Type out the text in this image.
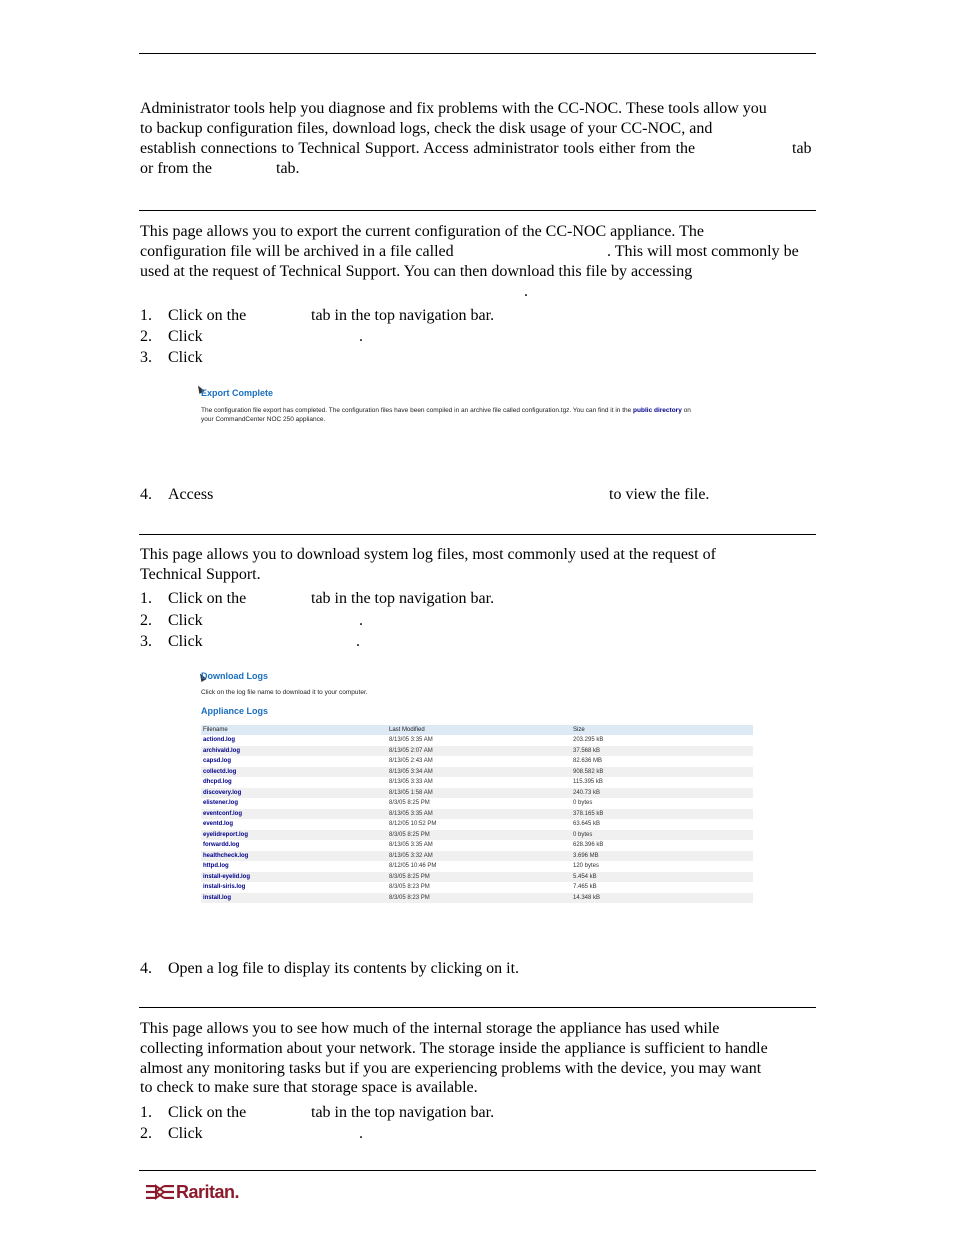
Administrator tools help you diagnose and fix problems with the CC-NOC. These tools allow you
to backup configuration files, download logs, check the disk usage of your CC-NOC, and
establish connections to Technical Support. Access administrator tools either from the	tab
or from the	tab.
This page allows you to export the current configuration of the CC-NOC appliance. The
configuration file will be archived in a file called	. This will most commonly be
used at the request of Technical Support. You can then download this file by accessing
.
1. Click on the	tab in the top navigation bar.
2. Click	.
3. Click
Export Complete
The configuration file export has completed. The configuration files have been compiled in an archive file called configuration.tgz. You can find it in the public directory on
your CommandCenter NOC 250 appliance.
4. Access	to view the file.
This page allows you to download system log files, most commonly used at the request of
Technical Support.
1. Click on the	tab in the top navigation bar.
2. Click	.
3. Click	.
Download Logs
Click on the log file name to download it to your computer.
Appliance Logs
Filename	Last Modified	Size
actiond.log	8/13/05 3:35 AM	203.295 kB
archivald.log	8/13/05 2:07 AM	37.568 kB
capsd.log	8/13/05 2:43 AM	82.636 MB
collectd.log	8/13/05 3:34 AM	908.582 kB
dhcpd.log	8/13/05 3:33 AM	115.395 kB
discovery.log	8/13/05 1:58 AM	240.73 kB
elistener.log	8/3/05 8:25 PM	0 bytes
eventconf.log	8/13/05 3:35 AM	378.165 kB
eventd.log	8/12/05 10:52 PM	63.645 kB
eyelidreport.log	8/3/05 8:25 PM	0 bytes
forwardd.log	8/13/05 3:35 AM	628.396 kB
healthcheck.log	8/13/05 3:32 AM	3.696 MB
httpd.log	8/12/05 10:46 PM	120 bytes
install-eyelid.log	8/3/05 8:25 PM	5.454 kB
install-siris.log	8/3/05 8:23 PM	7.465 kB
install.log	8/3/05 8:23 PM	14.348 kB
4. Open a log file to display its contents by clicking on it.
This page allows you to see how much of the internal storage the appliance has used while
collecting information about your network. The storage inside the appliance is sufficient to handle
almost any monitoring tasks but if you are experiencing problems with the device, you may want
to check to make sure that storage space is available.
1. Click on the	tab in the top navigation bar.
2. Click	.
Raritan.
